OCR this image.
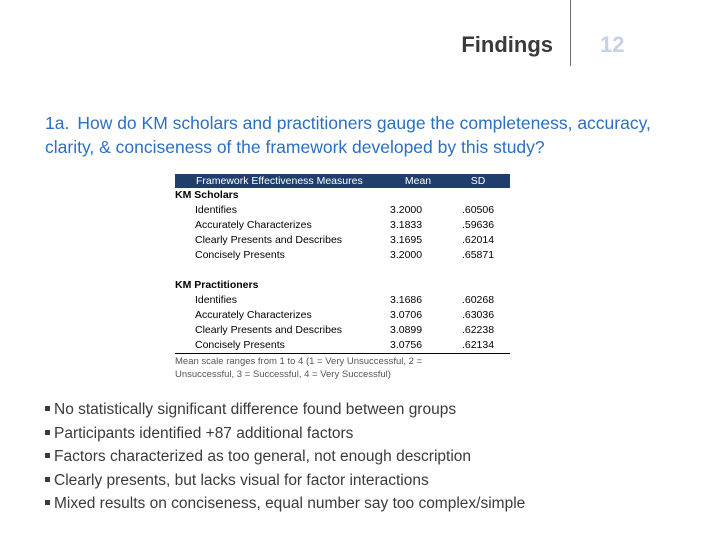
Findings 12
1a. How do KM scholars and practitioners gauge the completeness, accuracy, clarity, & conciseness of the framework developed by this study?
Framework Effectiveness Measures	Mean	SD
KM Scholars
Identifies	3.2000	.60506
Accurately Characterizes	3.1833	.59636
Clearly Presents and Describes	3.1695	.62014
Concisely Presents	3.2000	.65871
KM Practitioners
Identifies	3.1686	.60268
Accurately Characterizes	3.0706	.63036
Clearly Presents and Describes	3.0899	.62238
Concisely Presents	3.0756	.62134
Mean scale ranges from 1 to 4 (1 = Very Unsuccessful, 2 = Unsuccessful, 3 = Successful, 4 = Very Successful)
No statistically significant difference found between groups
Participants identified +87 additional factors
Factors characterized as too general, not enough description
Clearly presents, but lacks visual for factor interactions
Mixed results on conciseness, equal number say too complex/simple
